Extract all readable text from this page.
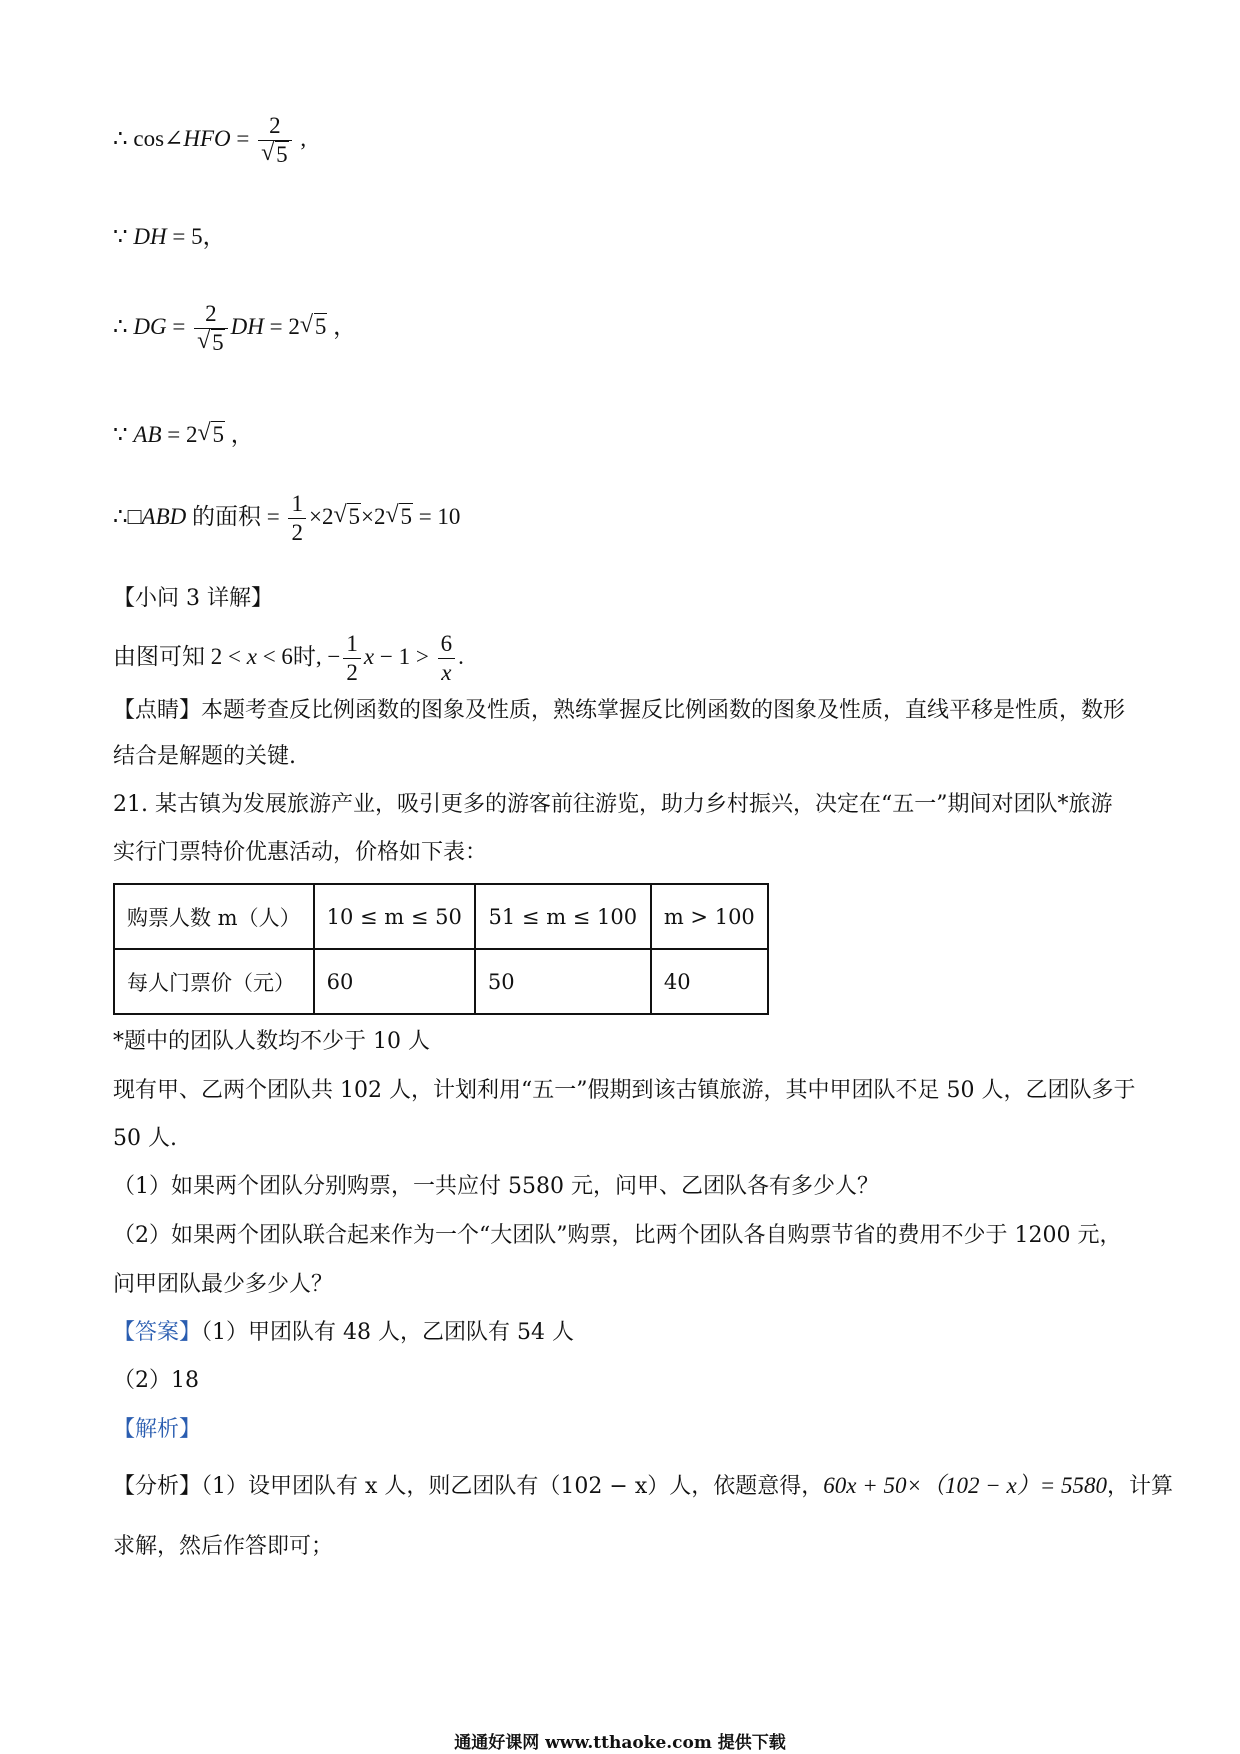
∴ cos∠HFO = 2
√ 5 ,
∵ DH = 5，
∴ DG = 2
√ 5 DH = 2 √ 5 ，
∵ AB = 2 √ 5 ，
∴□ABD 的面积 = $\frac{1}{2} \times 2$ √ 5×2 √ 5 = 10
【小问 3 详解】
由图可知 2 < x < 6时, − $\frac{1}{2}$ $x - 1 > \frac{6}{x}$ .
【点睛】本题考查反比例函数的图象及性质，熟练掌握反比例函数的图象及性质，直线平移是性质，数形
结合是解题的关键.
21. 某古镇为发展旅游产业，吸引更多的游客前往游览，助力乡村振兴，决定在“五一”期间对团队*旅游
实行门票特价优惠活动，价格如下表：
购票人数 m（人）	10 ≤ m ≤ 50	51 ≤ m ≤ 100	m > 100
每人门票价（元）	60	50	40
*题中的团队人数均不少于 10 人
现有甲、乙两个团队共 102 人，计划利用“五一”假期到该古镇旅游，其中甲团队不足 50 人，乙团队多于
50 人.
（1）如果两个团队分别购票，一共应付 5580 元，问甲、乙团队各有多少人？
（2）如果两个团队联合起来作为一个“大团队”购票，比两个团队各自购票节省的费用不少于 1200 元，
问甲团队最少多少人？
【答案】（1）甲团队有 48 人，乙团队有 54 人
（2）18
【解析】
【分析】（1）设甲团队有 x 人，则乙团队有（102 − x）人，依题意得，60x + 50×（102 − x）= 5580，计算
求解，然后作答即可；
通通好课网 www.tthaoke.com 提供下载
